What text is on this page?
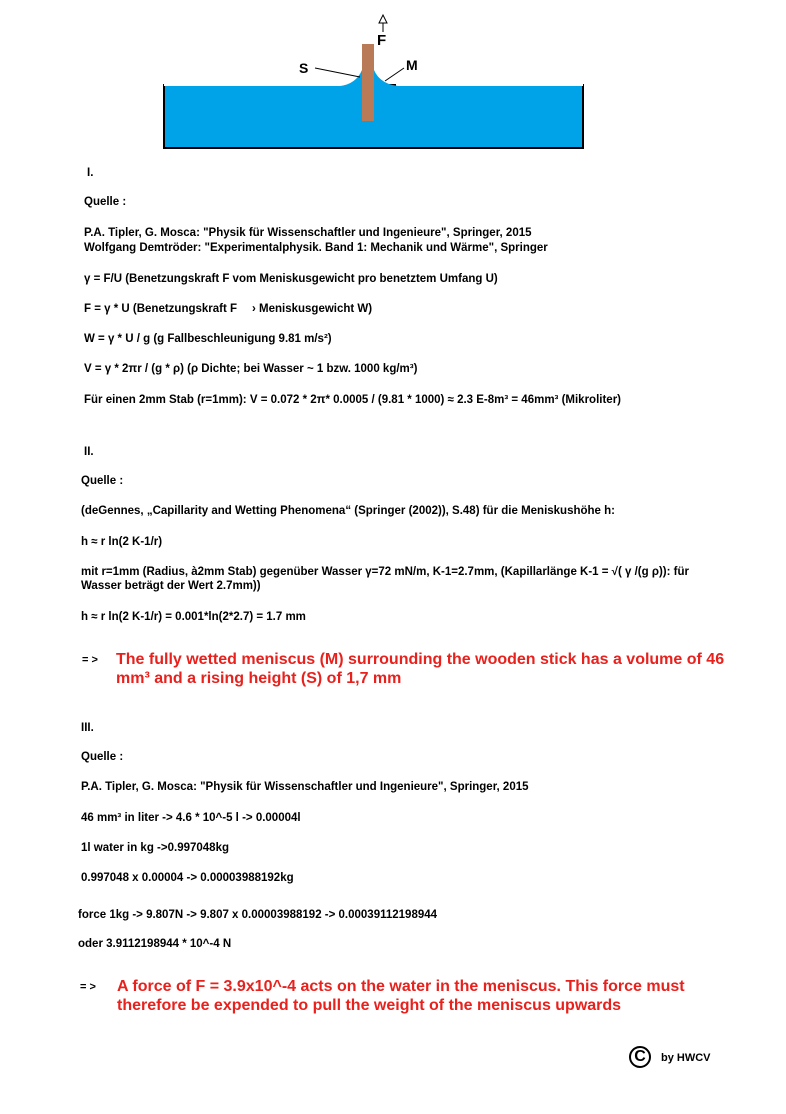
F
S	M
I.
Quelle :
P.A. Tipler, G. Mosca: "Physik für Wissenschaftler und Ingenieure", Springer, 2015
Wolfgang Demtröder: "Experimentalphysik. Band 1: Mechanik und Wärme", Springer
γ = F/U (Benetzungskraft F vom Meniskusgewicht pro benetztem Umfang U)
F = γ * U (Benetzungskraft F › Meniskusgewicht W)
W = γ * U / g (g Fallbeschleunigung 9.81 m/s²)
V = γ * 2πr / (g * ρ) (ρ Dichte; bei Wasser ~ 1 bzw. 1000 kg/m³)
Für einen 2mm Stab (r=1mm): V = 0.072 * 2π* 0.0005 / (9.81 * 1000) ≈ 2.3 E-8m³ = 46mm³ (Mikroliter)
II.
Quelle :
(deGennes, „Capillarity and Wetting Phenomena“ (Springer (2002)), S.48) für die Meniskushöhe h:
h ≈ r ln(2 K-1/r)
mit r=1mm (Radius, à2mm Stab) gegenüber Wasser γ=72 mN/m, K-1=2.7mm, (Kapillarlänge K-1 = √( γ /(g ρ)): für Wasser beträgt der Wert 2.7mm))
h ≈ r ln(2 K-1/r) = 0.001*ln(2*2.7) = 1.7 mm
= > The fully wetted meniscus (M) surrounding the wooden stick has a volume of 46 mm³ and a rising height (S) of 1,7 mm
III.
Quelle :
P.A. Tipler, G. Mosca: "Physik für Wissenschaftler und Ingenieure", Springer, 2015
46 mm³ in liter -> 4.6 * 10^-5 l -> 0.00004l
1l water in kg ->0.997048kg
0.997048 x 0.00004 -> 0.00003988192kg
force 1kg -> 9.807N -> 9.807 x 0.00003988192 -> 0.00039112198944
oder 3.9112198944 * 10^-4 N
= > A force of F = 3.9x10^-4 acts on the water in the meniscus. This force must therefore be expended to pull the weight of the meniscus upwards
C	by HWCV
